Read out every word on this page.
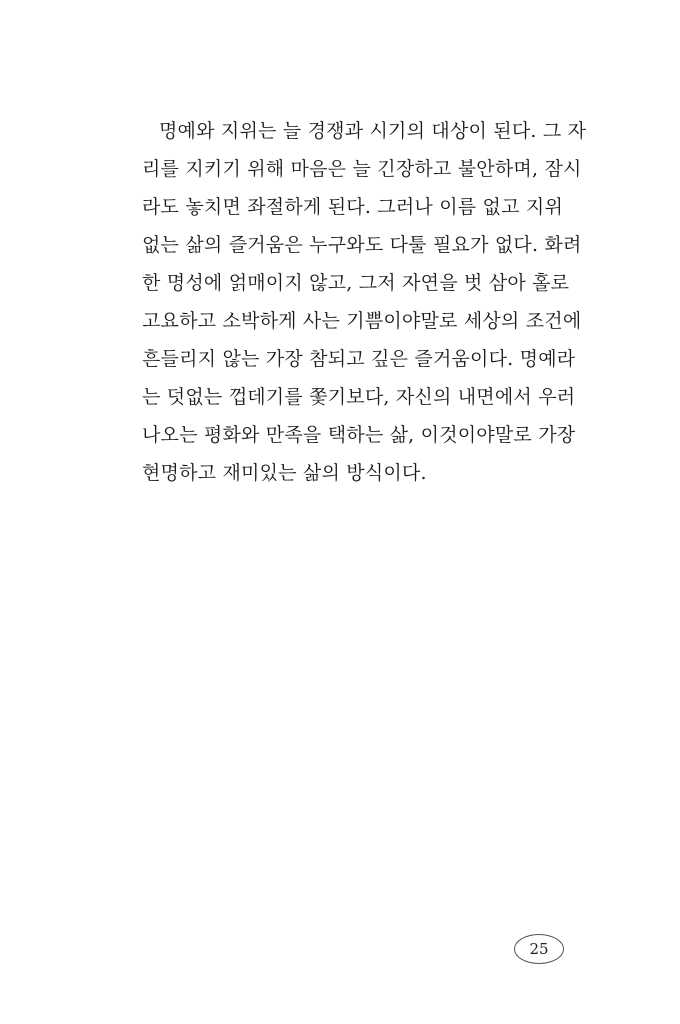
명예와 지위는 늘 경쟁과 시기의 대상이 된다. 그 자
리를 지키기 위해 마음은 늘 긴장하고 불안하며, 잠시
라도 놓치면 좌절하게 된다. 그러나 이름 없고 지위
없는 삶의 즐거움은 누구와도 다툴 필요가 없다. 화려
한 명성에 얽매이지 않고, 그저 자연을 벗 삼아 홀로
고요하고 소박하게 사는 기쁨이야말로 세상의 조건에
흔들리지 않는 가장 참되고 깊은 즐거움이다. 명예라
는 덧없는 껍데기를 쫓기보다, 자신의 내면에서 우러
나오는 평화와 만족을 택하는 삶, 이것이야말로 가장
현명하고 재미있는 삶의 방식이다.
25
